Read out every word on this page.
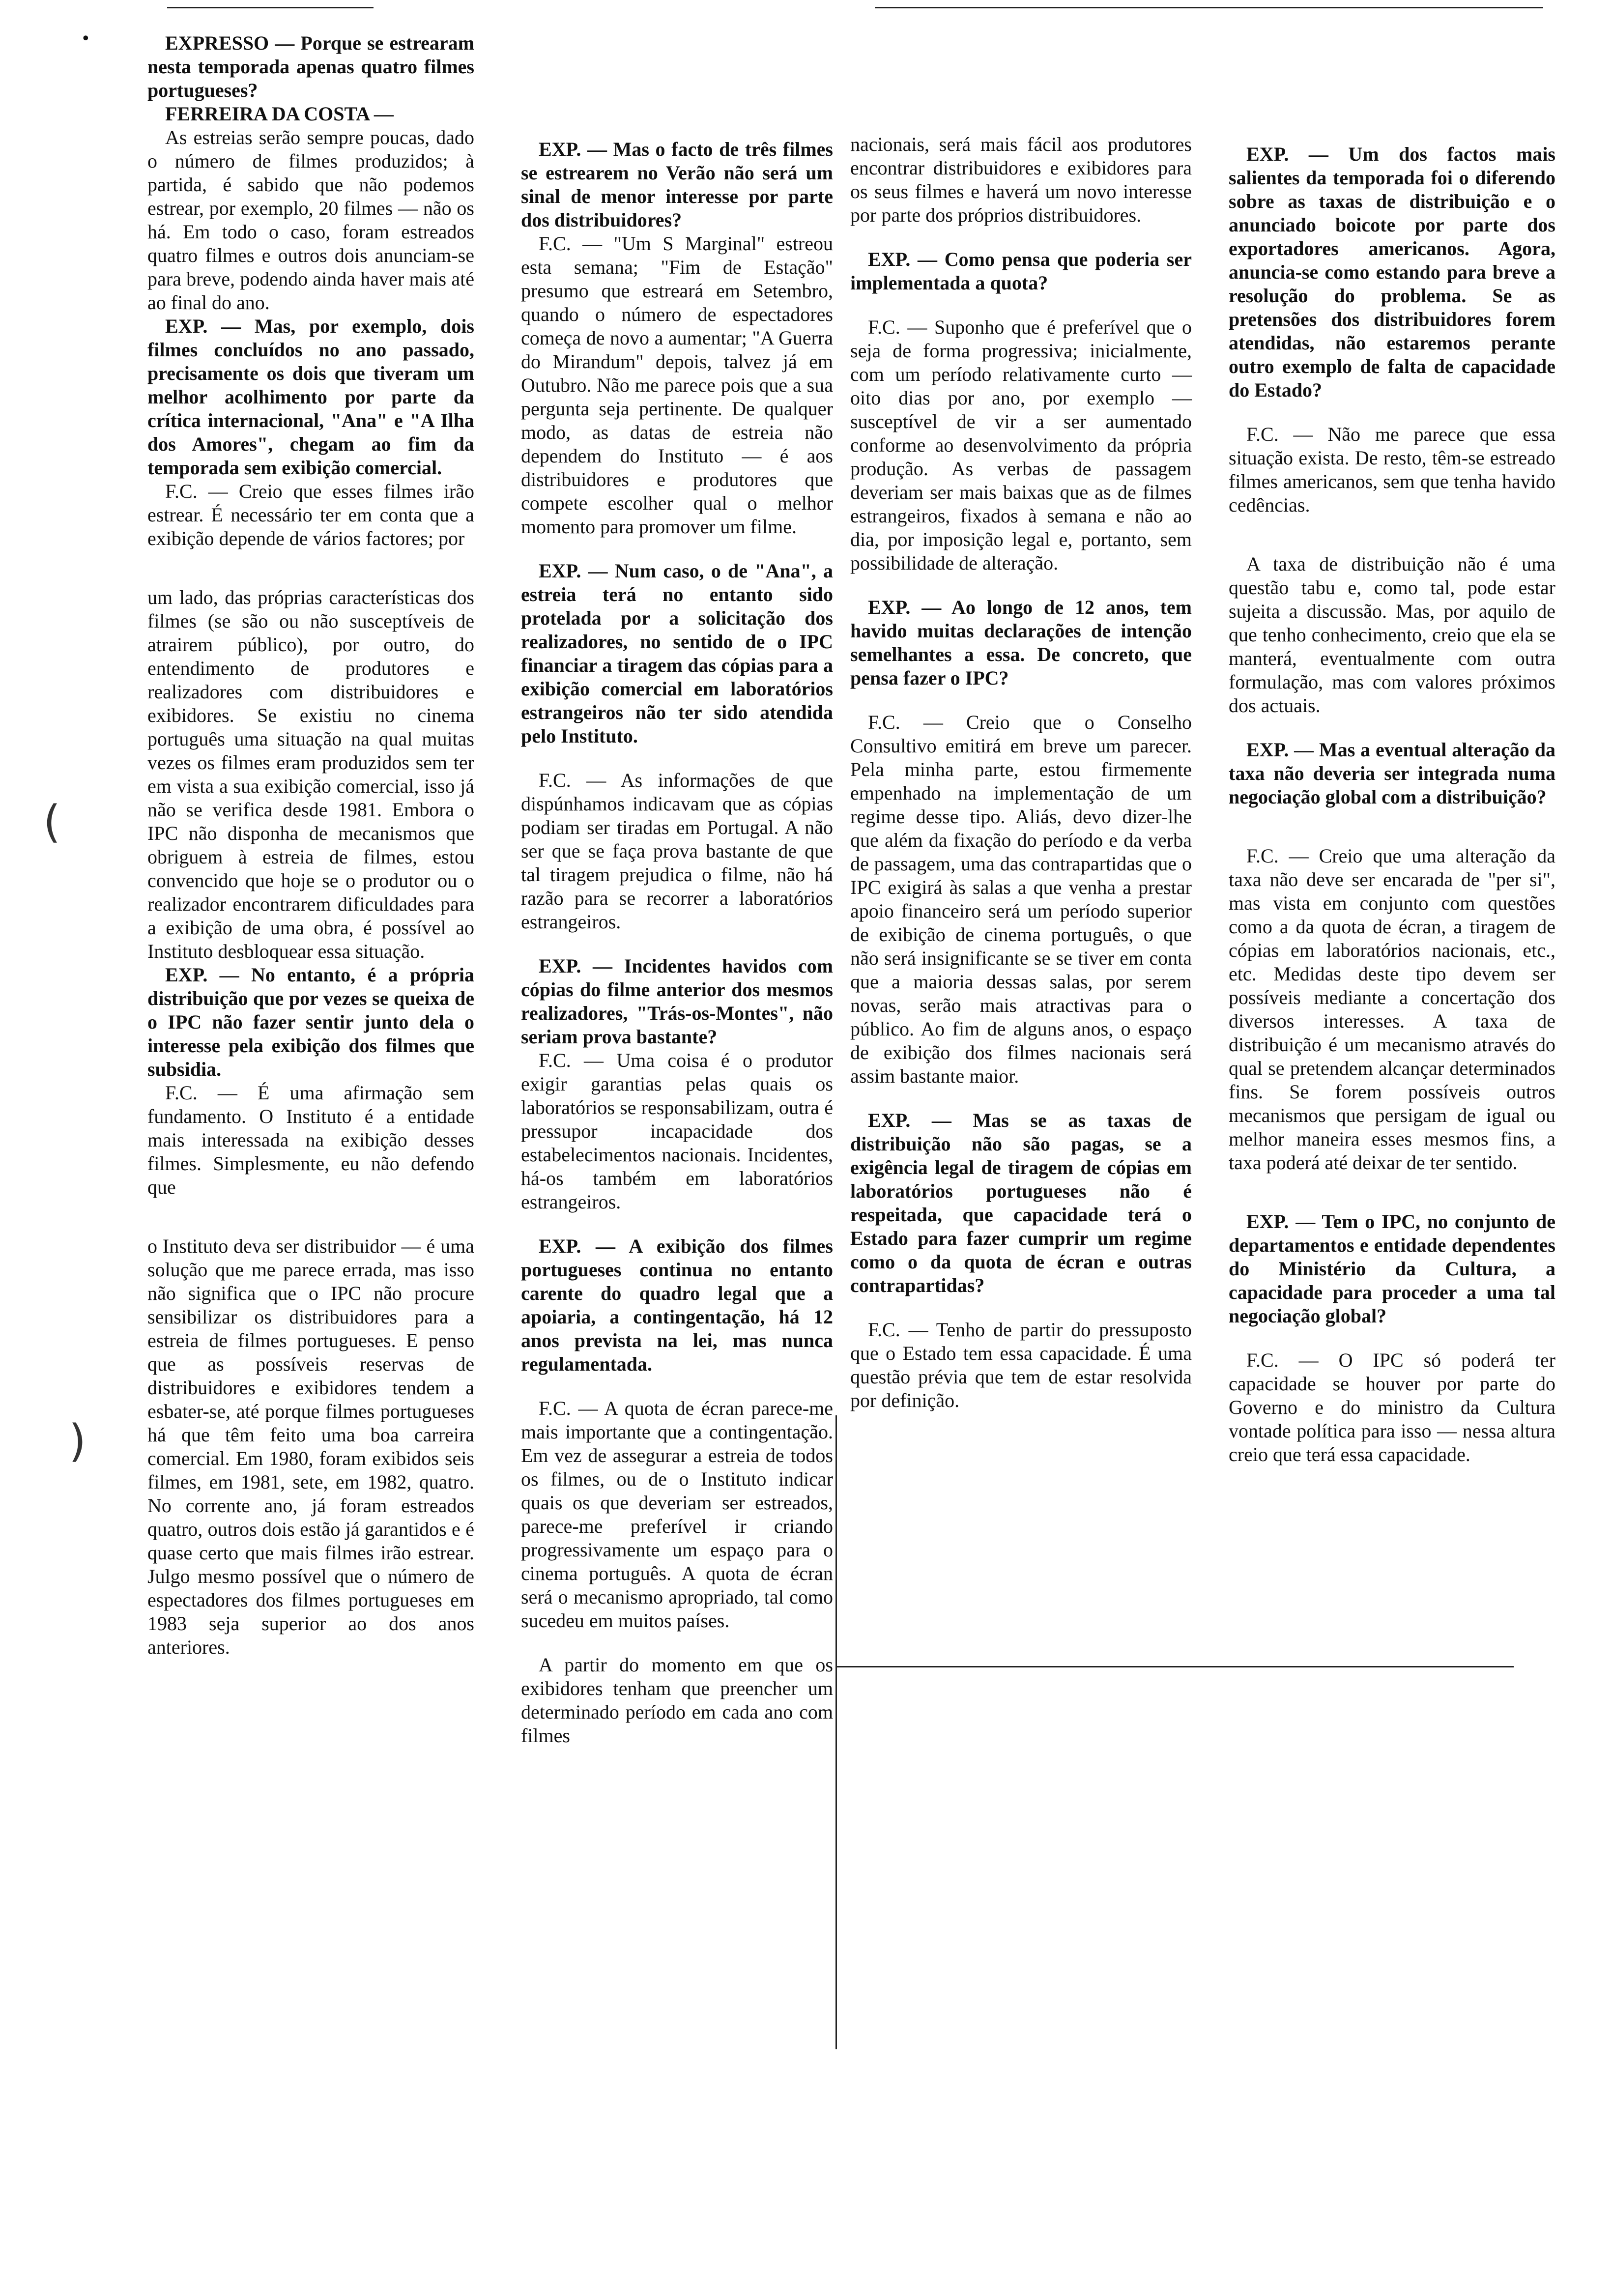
•
(
)

EXPRESSO — Porque se estrearam nesta temporada apenas quatro filmes portugueses?

FERREIRA DA COSTA —

As estreias serão sempre poucas, dado o número de filmes produzidos; à partida, é sabido que não podemos estrear, por exemplo, 20 filmes — não os há. Em todo o caso, foram estreados quatro filmes e outros dois anunciam-se para breve, podendo ainda haver mais até ao final do ano.

EXP. — Mas, por exemplo, dois filmes concluídos no ano passado, precisamente os dois que tiveram um melhor acolhimento por parte da crítica internacional, "Ana" e "A Ilha dos Amores", chegam ao fim da temporada sem exibição comercial.

F.C. — Creio que esses filmes irão estrear. É necessário ter em conta que a exibição depende de vários factores; por

um lado, das próprias características dos filmes (se são ou não susceptíveis de atrairem público), por outro, do entendimento de produtores e realizadores com distribuidores e exibidores. Se existiu no cinema português uma situação na qual muitas vezes os filmes eram produzidos sem ter em vista a sua exibição comercial, isso já não se verifica desde 1981. Embora o IPC não disponha de mecanismos que obriguem à estreia de filmes, estou convencido que hoje se o produtor ou o realizador encontrarem dificuldades para a exibição de uma obra, é possível ao Instituto desbloquear essa situação.

EXP. — No entanto, é a própria distribuição que por vezes se queixa de o IPC não fazer sentir junto dela o interesse pela exibição dos filmes que subsidia.

F.C. — É uma afirmação sem fundamento. O Instituto é a entidade mais interessada na exibição desses filmes. Simplesmente, eu não defendo que

o Instituto deva ser distribuidor — é uma solução que me parece errada, mas isso não significa que o IPC não procure sensibilizar os distribuidores para a estreia de filmes portugueses. E penso que as possíveis reservas de distribuidores e exibidores tendem a esbater-se, até porque filmes portugueses há que têm feito uma boa carreira comercial. Em 1980, foram exibidos seis filmes, em 1981, sete, em 1982, quatro. No corrente ano, já foram estreados quatro, outros dois estão já garantidos e é quase certo que mais filmes irão estrear. Julgo mesmo possível que o número de espectadores dos filmes portugueses em 1983 seja superior ao dos anos anteriores.

EXP. — Mas o facto de três filmes se estrearem no Verão não será um sinal de menor interesse por parte dos distribuidores?

F.C. — "Um S Marginal" estreou esta semana; "Fim de Estação" presumo que estreará em Setembro, quando o número de espectadores começa de novo a aumentar; "A Guerra do Mirandum" depois, talvez já em Outubro. Não me parece pois que a sua pergunta seja pertinente. De qualquer modo, as datas de estreia não dependem do Instituto — é aos distribuidores e produtores que compete escolher qual o melhor momento para promover um filme.

EXP. — Num caso, o de "Ana", a estreia terá no entanto sido protelada por a solicitação dos realizadores, no sentido de o IPC financiar a tiragem das cópias para a exibição comercial em laboratórios estrangeiros não ter sido atendida pelo Instituto.

F.C. — As informações de que dispúnhamos indicavam que as cópias podiam ser tiradas em Portugal. A não ser que se faça prova bastante de que tal tiragem prejudica o filme, não há razão para se recorrer a laboratórios estrangeiros.

EXP. — Incidentes havidos com cópias do filme anterior dos mesmos realizadores, "Trás-os-Montes", não seriam prova bastante?

F.C. — Uma coisa é o produtor exigir garantias pelas quais os laboratórios se responsabilizam, outra é pressupor incapacidade dos estabelecimentos nacionais. Incidentes, há-os também em laboratórios estrangeiros.

EXP. — A exibição dos filmes portugueses continua no entanto carente do quadro legal que a apoiaria, a contingentação, há 12 anos prevista na lei, mas nunca regulamentada.

F.C. — A quota de écran parece-me mais importante que a contingentação. Em vez de assegurar a estreia de todos os filmes, ou de o Instituto indicar quais os que deveriam ser estreados, parece-me preferível ir criando progressivamente um espaço para o cinema português. A quota de écran será o mecanismo apropriado, tal como sucedeu em muitos países.

A partir do momento em que os exibidores tenham que preencher um determinado período em cada ano com filmes

nacionais, será mais fácil aos produtores encontrar distribuidores e exibidores para os seus filmes e haverá um novo interesse por parte dos próprios distribuidores.

EXP. — Como pensa que poderia ser implementada a quota?

F.C. — Suponho que é preferível que o seja de forma progressiva; inicialmente, com um período relativamente curto — oito dias por ano, por exemplo — susceptível de vir a ser aumentado conforme ao desenvolvimento da própria produção. As verbas de passagem deveriam ser mais baixas que as de filmes estrangeiros, fixados à semana e não ao dia, por imposição legal e, portanto, sem possibilidade de alteração.

EXP. — Ao longo de 12 anos, tem havido muitas declarações de intenção semelhantes a essa. De concreto, que pensa fazer o IPC?

F.C. — Creio que o Conselho Consultivo emitirá em breve um parecer. Pela minha parte, estou firmemente empenhado na implementação de um regime desse tipo. Aliás, devo dizer-lhe que além da fixação do período e da verba de passagem, uma das contrapartidas que o IPC exigirá às salas a que venha a prestar apoio financeiro será um período superior de exibição de cinema português, o que não será insignificante se se tiver em conta que a maioria dessas salas, por serem novas, serão mais atractivas para o público. Ao fim de alguns anos, o espaço de exibição dos filmes nacionais será assim bastante maior.

EXP. — Mas se as taxas de distribuição não são pagas, se a exigência legal de tiragem de cópias em laboratórios portugueses não é respeitada, que capacidade terá o Estado para fazer cumprir um regime como o da quota de écran e outras contrapartidas?

F.C. — Tenho de partir do pressuposto que o Estado tem essa capacidade. É uma questão prévia que tem de estar resolvida por definição.

EXP. — Um dos factos mais salientes da temporada foi o diferendo sobre as taxas de distribuição e o anunciado boicote por parte dos exportadores americanos. Agora, anuncia-se como estando para breve a resolução do problema. Se as pretensões dos distribuidores forem atendidas, não estaremos perante outro exemplo de falta de capacidade do Estado?

F.C. — Não me parece que essa situação exista. De resto, têm-se estreado filmes americanos, sem que tenha havido cedências.

A taxa de distribuição não é uma questão tabu e, como tal, pode estar sujeita a discussão. Mas, por aquilo de que tenho conhecimento, creio que ela se manterá, eventualmente com outra formulação, mas com valores próximos dos actuais.

EXP. — Mas a eventual alteração da taxa não deveria ser integrada numa negociação global com a distribuição?

F.C. — Creio que uma alteração da taxa não deve ser encarada de "per si", mas vista em conjunto com questões como a da quota de écran, a tiragem de cópias em laboratórios nacionais, etc., etc. Medidas deste tipo devem ser possíveis mediante a concertação dos diversos interesses. A taxa de distribuição é um mecanismo através do qual se pretendem alcançar determinados fins. Se forem possíveis outros mecanismos que persigam de igual ou melhor maneira esses mesmos fins, a taxa poderá até deixar de ter sentido.

EXP. — Tem o IPC, no conjunto de departamentos e entidade dependentes do Ministério da Cultura, a capacidade para proceder a uma tal negociação global?

F.C. — O IPC só poderá ter capacidade se houver por parte do Governo e do ministro da Cultura vontade política para isso — nessa altura creio que terá essa capacidade.
